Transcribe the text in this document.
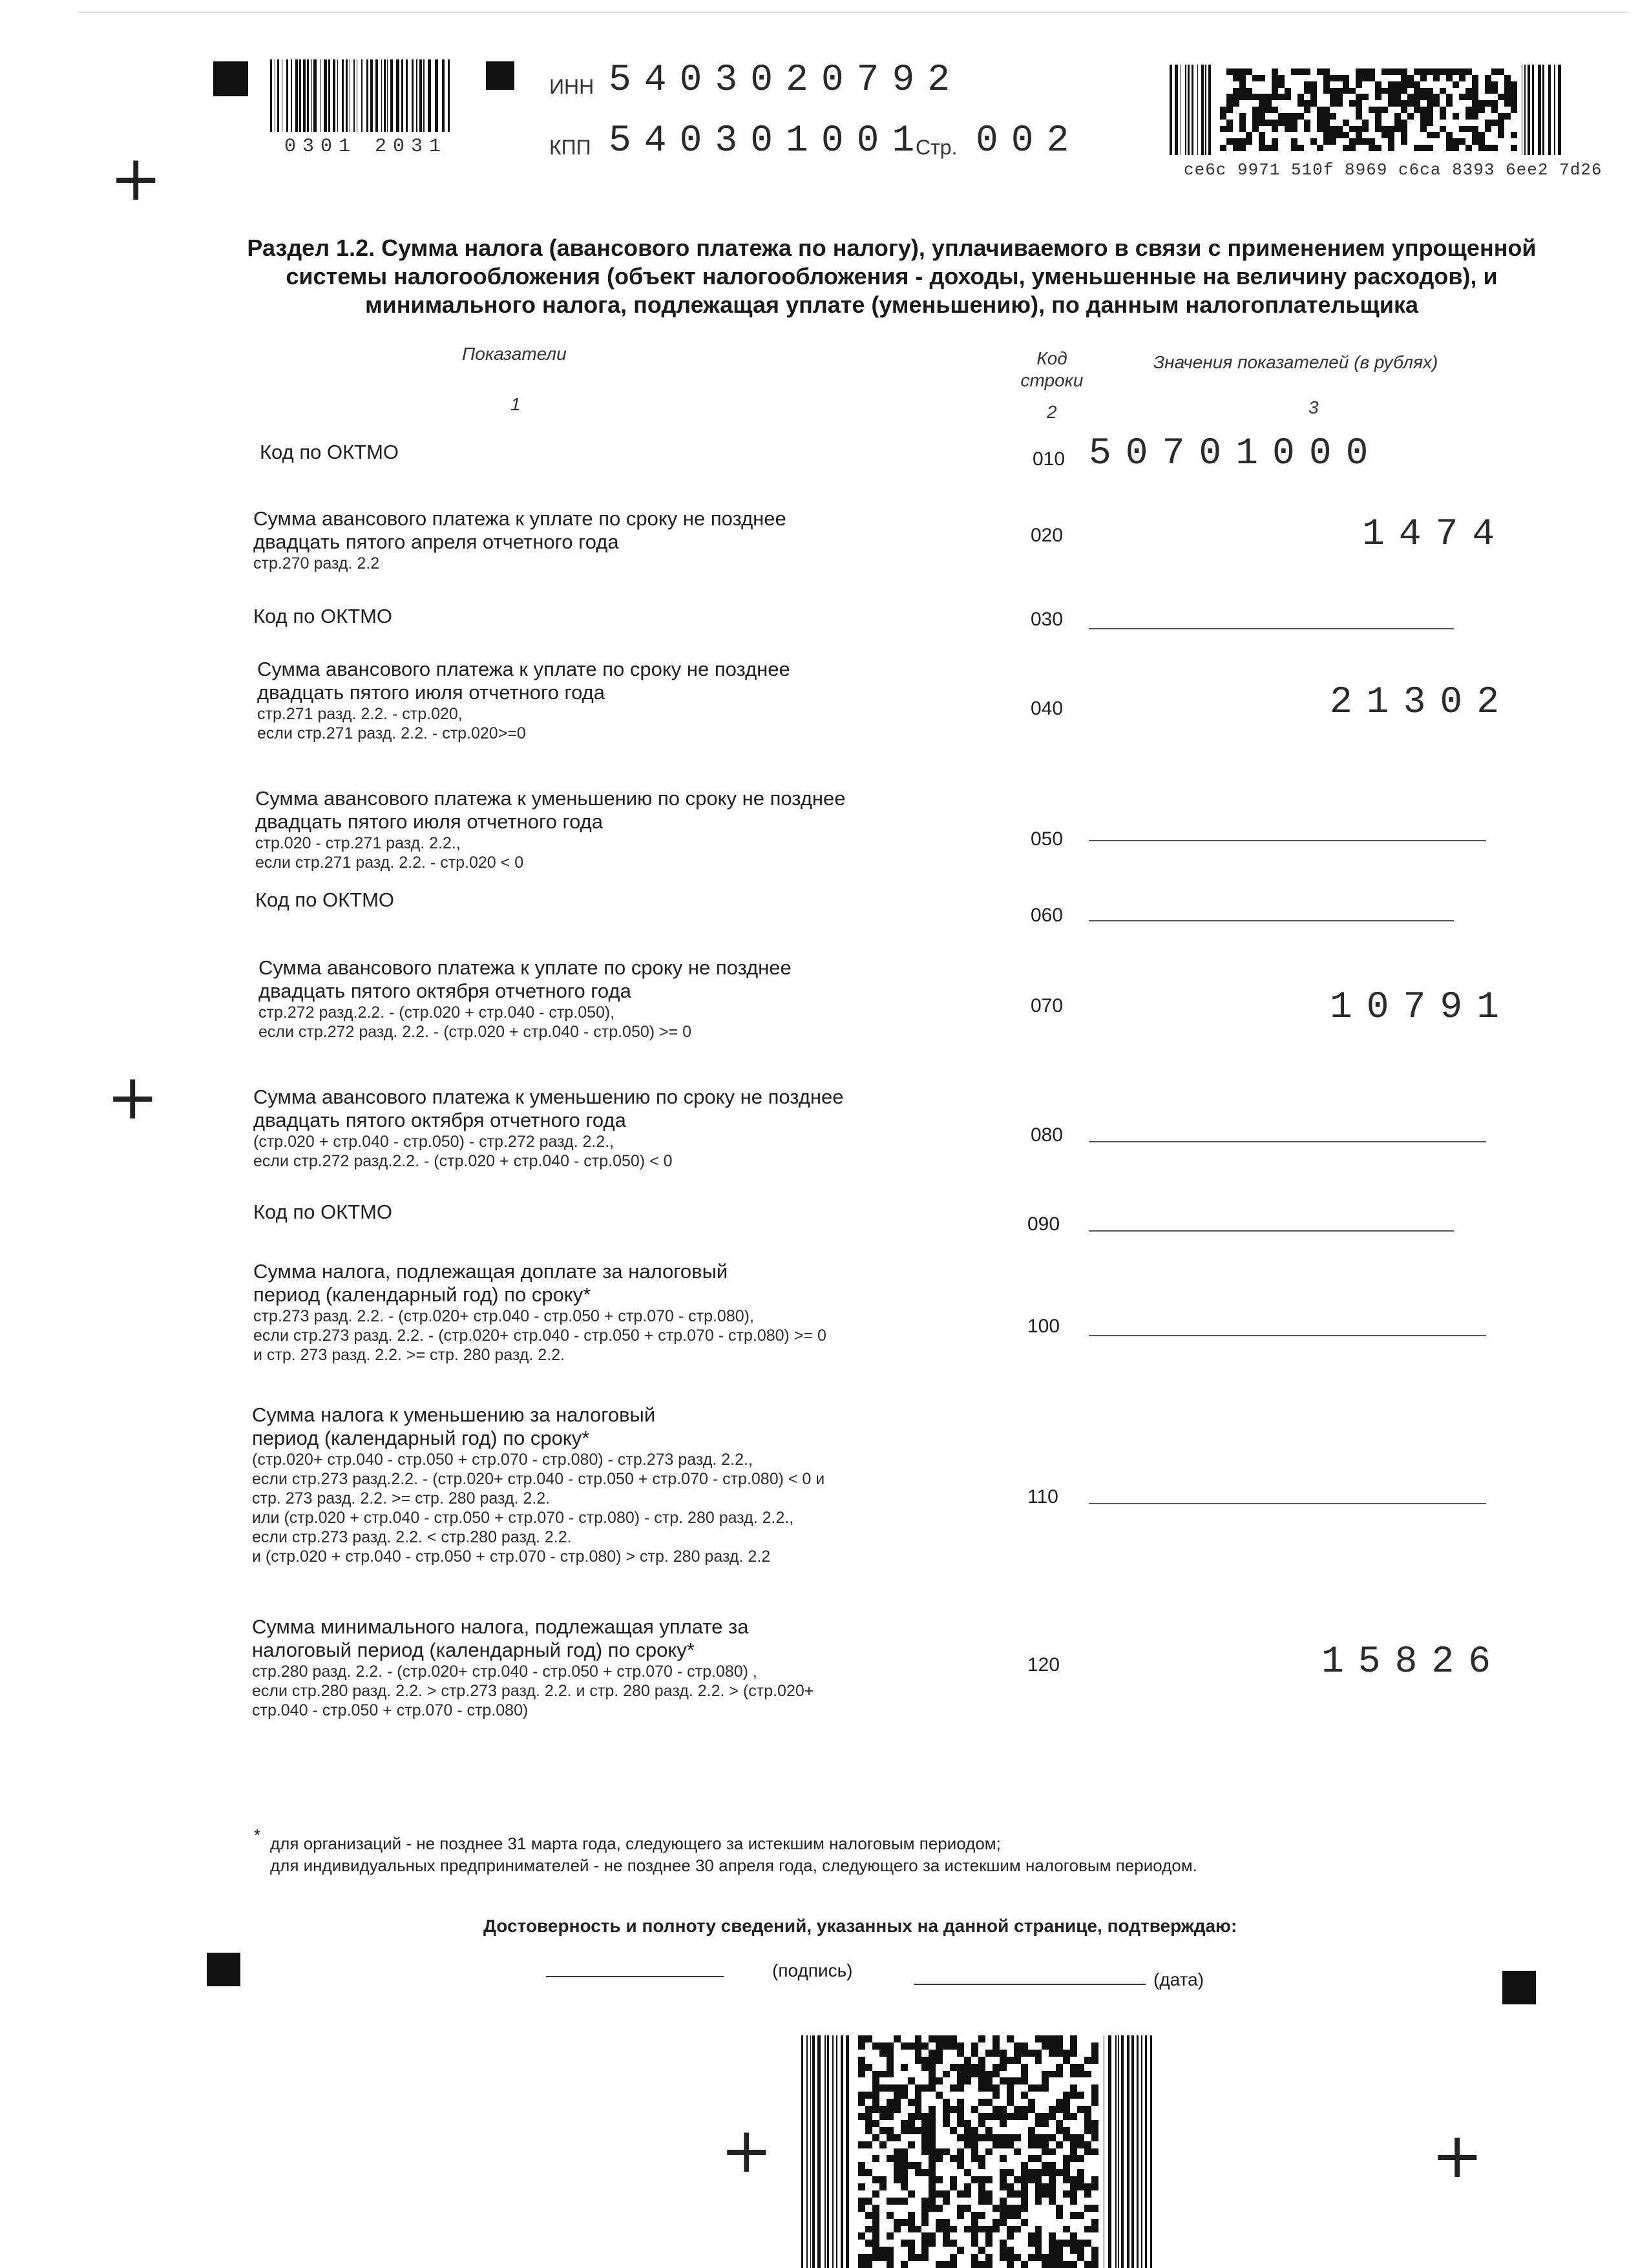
+
+
+	+
0301 2031
ИНН 5403020792
КПП 540301001
Стр. 002
ce6c 9971 510f 8969 c6ca 8393 6ee2 7d26
Раздел 1.2. Сумма налога (авансового платежа по налогу), уплачиваемого в связи с применением упрощенной
системы налогообложения (объект налогообложения - доходы, уменьшенные на величину расходов), и
минимального налога, подлежащая уплате (уменьшению), по данным налогоплательщика
Показатели	Код
строки
Значения показателей (в рублях)
1	2	3
Код по ОКТМО	010 50701000
Сумма авансового платежа к уплате по сроку не позднее
двадцать пятого апреля отчетного года
стр.270 разд. 2.2
020	1474
Код по ОКТМО	030
Сумма авансового платежа к уплате по сроку не позднее
двадцать пятого июля отчетного года
стр.271 разд. 2.2. - стр.020,
если стр.271 разд. 2.2. - стр.020>=0
040	21302
Сумма авансового платежа к уменьшению по сроку не позднее
двадцать пятого июля отчетного года
стр.020 - стр.271 разд. 2.2.,
если стр.271 разд. 2.2. - стр.020 < 0
050
Код по ОКТМО
060
Сумма авансового платежа к уплате по сроку не позднее
двадцать пятого октября отчетного года
стр.272 разд.2.2. - (стр.020 + стр.040 - стр.050),
если стр.272 разд. 2.2. - (стр.020 + стр.040 - стр.050) >= 0
070	10791
Сумма авансового платежа к уменьшению по сроку не позднее
двадцать пятого октября отчетного года
(стр.020 + стр.040 - стр.050) - стр.272 разд. 2.2.,
если стр.272 разд.2.2. - (стр.020 + стр.040 - стр.050) < 0
080
Код по ОКТМО
090
Сумма налога, подлежащая доплате за налоговый
период (календарный год) по сроку*
стр.273 разд. 2.2. - (стр.020+ стр.040 - стр.050 + стр.070 - стр.080),
если стр.273 разд. 2.2. - (стр.020+ стр.040 - стр.050 + стр.070 - стр.080) >= 0
и стр. 273 разд. 2.2. >= стр. 280 разд. 2.2.
100
Сумма налога к уменьшению за налоговый
период (календарный год) по сроку*
(стр.020+ стр.040 - стр.050 + стр.070 - стр.080) - стр.273 разд. 2.2.,
если стр.273 разд.2.2. - (стр.020+ стр.040 - стр.050 + стр.070 - стр.080) < 0 и
стр. 273 разд. 2.2. >= стр. 280 разд. 2.2.
или (стр.020 + стр.040 - стр.050 + стр.070 - стр.080) - стр. 280 разд. 2.2.,
если стр.273 разд. 2.2. < стр.280 разд. 2.2.
и (стр.020 + стр.040 - стр.050 + стр.070 - стр.080) > стр. 280 разд. 2.2
110
Сумма минимального налога, подлежащая уплате за
налоговый период (календарный год) по сроку*
стр.280 разд. 2.2. - (стр.020+ стр.040 - стр.050 + стр.070 - стр.080) ,
если стр.280 разд. 2.2. > стр.273 разд. 2.2. и стр. 280 разд. 2.2. > (стр.020+
стр.040 - стр.050 + стр.070 - стр.080)
120	15826
* для организаций - не позднее 31 марта года, следующего за истекшим налоговым периодом;
для индивидуальных предпринимателей - не позднее 30 апреля года, следующего за истекшим налоговым периодом.
Достоверность и полноту сведений, указанных на данной странице, подтверждаю:
(подпись)	(дата)
